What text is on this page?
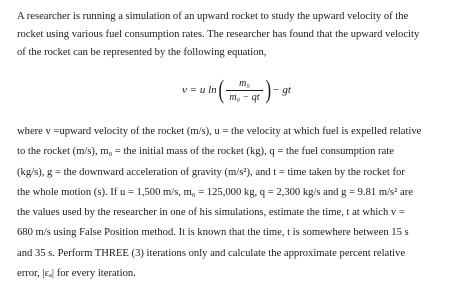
A researcher is running a simulation of an upward rocket to study the upward velocity of the
rocket using various fuel consumption rates. The researcher has found that the upward velocity
of the rocket can be represented by the following equation,
v = u ln ( $\frac{\text{m₀}}{\text{m₀ − qt}}$ ) − gt
where v =upward velocity of the rocket (m/s), u = the velocity at which fuel is expelled relative
to the rocket (m/s), m₀ = the initial mass of the rocket (kg), q = the fuel consumption rate
(kg/s), g = the downward acceleration of gravity (m/s²), and t = time taken by the rocket for
the whole motion (s). If u = 1,500 m/s, m₀ = 125,000 kg, q = 2,300 kg/s and g = 9.81 m/s² are
the values used by the researcher in one of his simulations, estimate the time, t at which v =
680 m/s using False Position method. It is known that the time, t is somewhere between 15 s
and 35 s. Perform THREE (3) iterations only and calculate the approximate percent relative
error, |εₐ| for every iteration.
